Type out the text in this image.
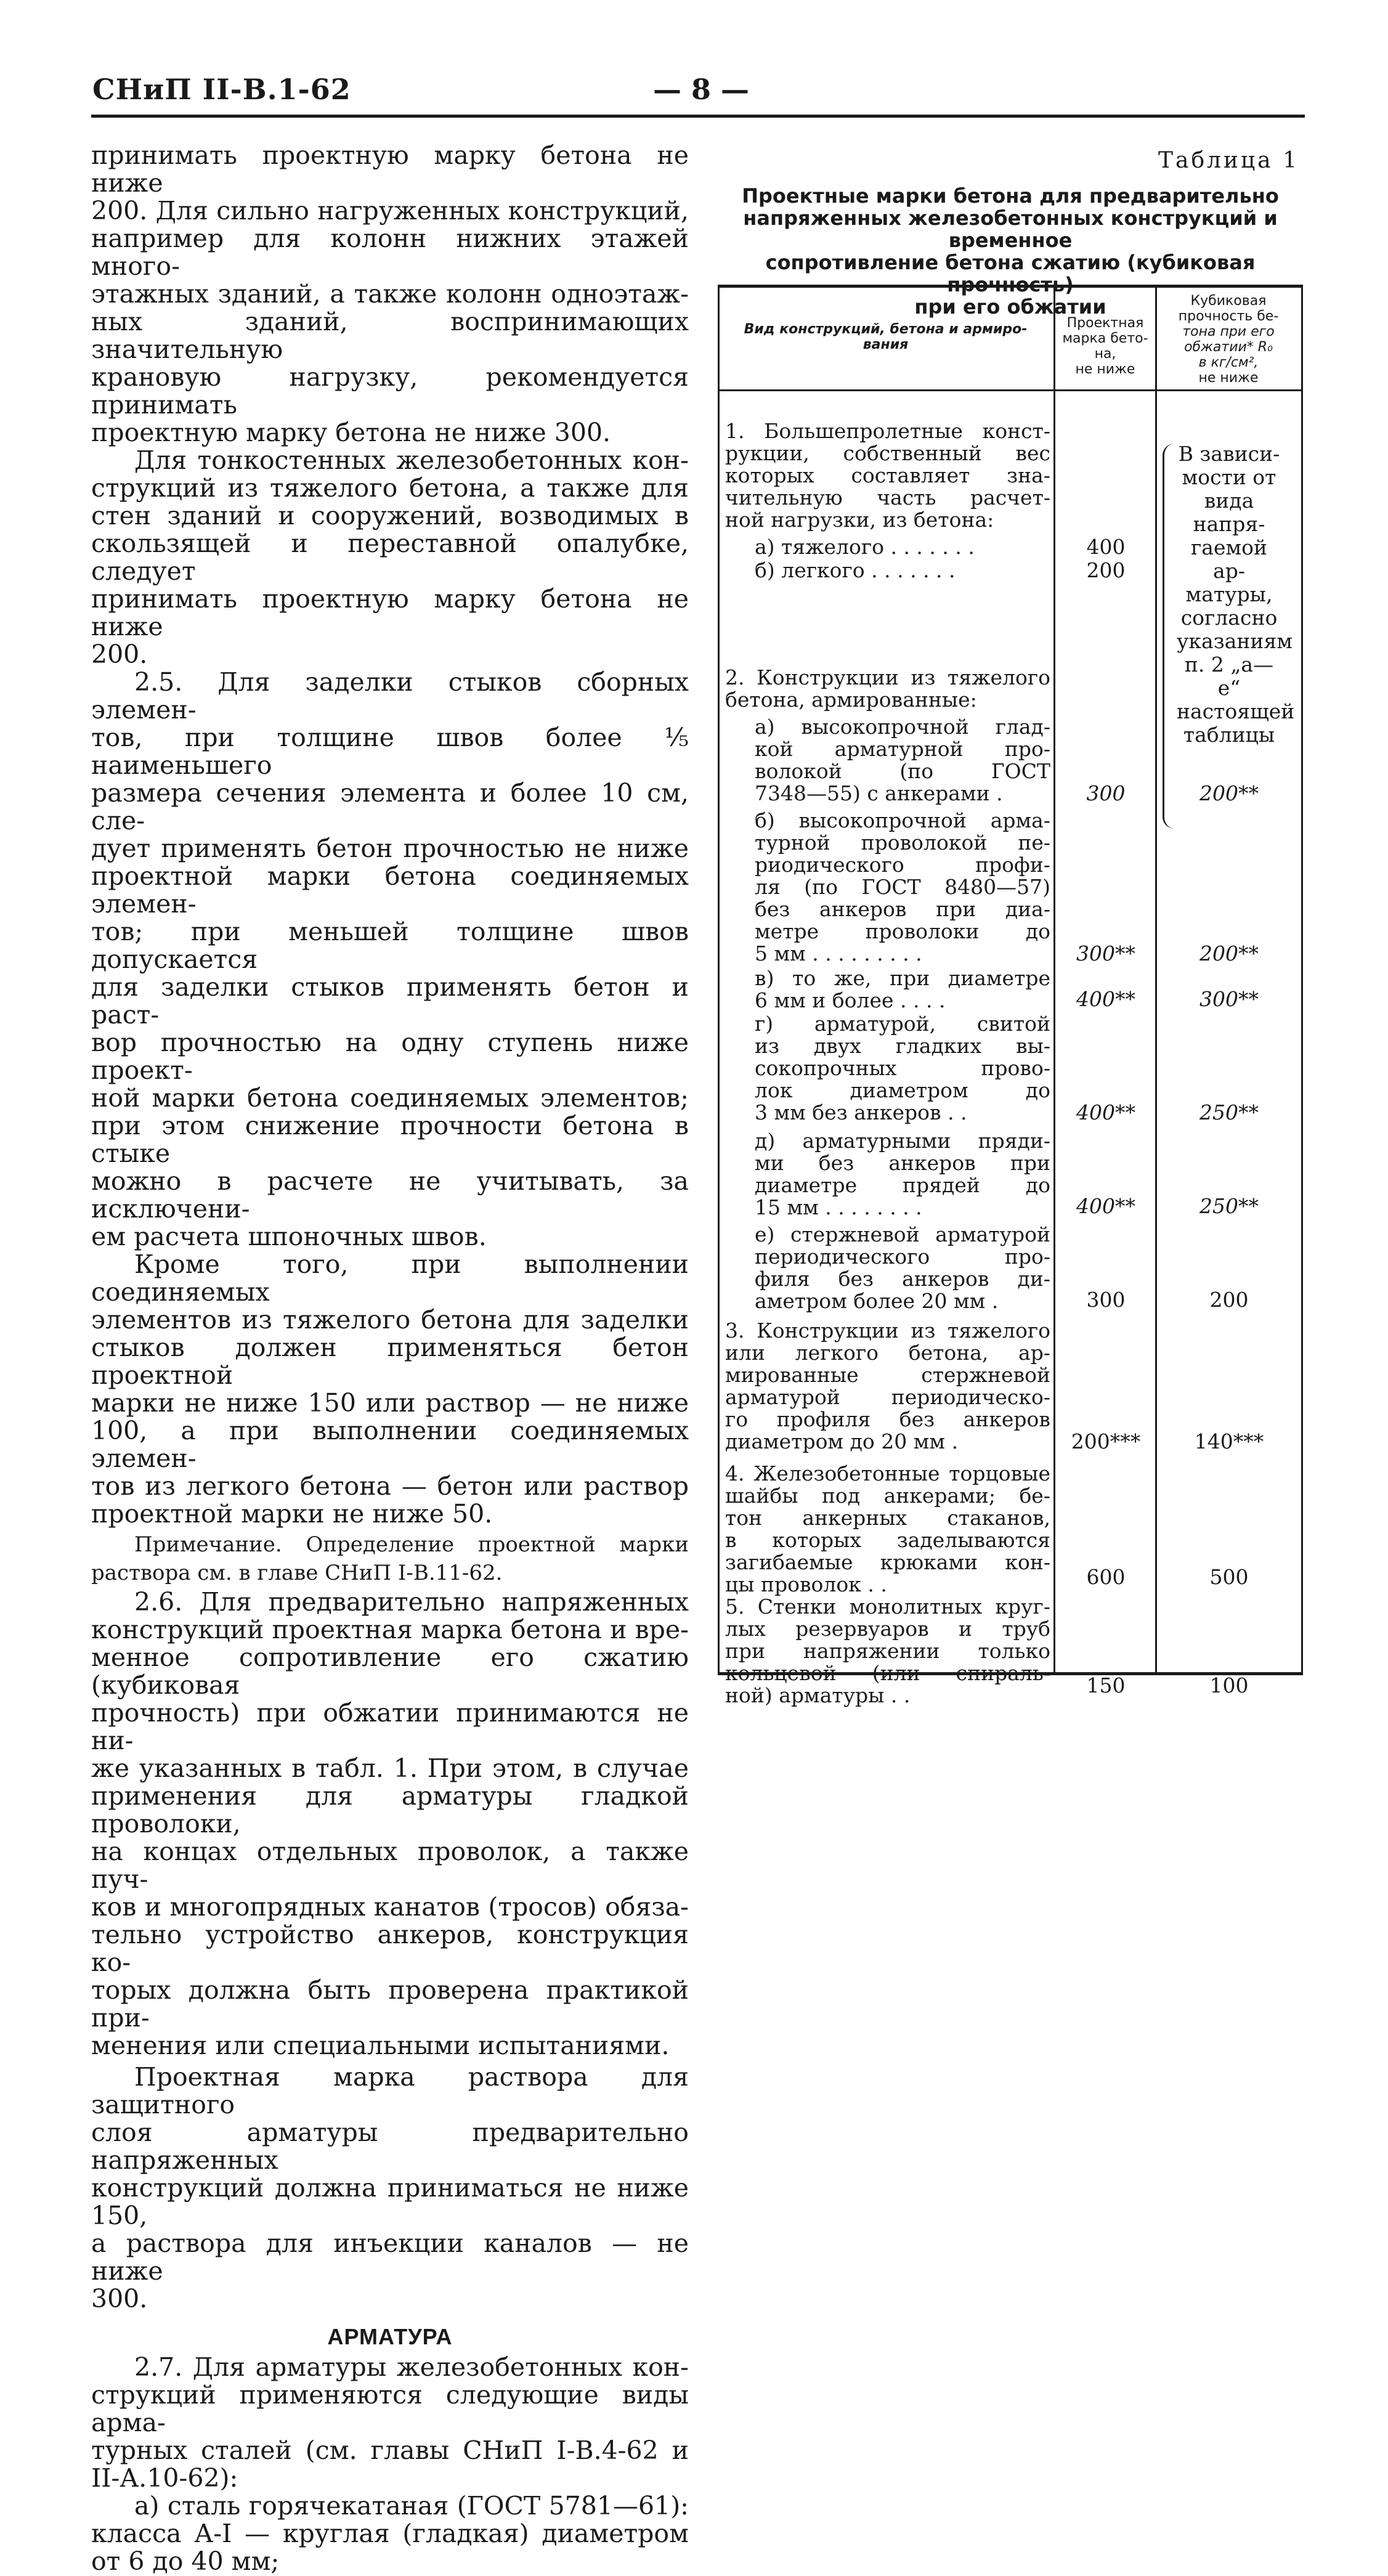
СНиП II-В.1-62	— 8 —

принимать проектную марку бетона не ниже

200. Для сильно нагруженных конструкций,

например для колонн нижних этажей много-

этажных зданий, а также колонн одноэтаж-

ных зданий, воспринимающих значительную

крановую нагрузку, рекомендуется принимать

проектную марку бетона не ниже 300.

Для тонкостенных железобетонных кон-

струкций из тяжелого бетона, а также для

стен зданий и сооружений, возводимых в

скользящей и переставной опалубке, следует

принимать проектную марку бетона не ниже

200.

2.5. Для заделки стыков сборных элемен-

тов, при толщине швов более ⅕ наименьшего

размера сечения элемента и более 10 см, сле-

дует применять бетон прочностью не ниже

проектной марки бетона соединяемых элемен-

тов; при меньшей толщине швов допускается

для заделки стыков применять бетон и раст-

вор прочностью на одну ступень ниже проект-

ной марки бетона соединяемых элементов;

при этом снижение прочности бетона в стыке

можно в расчете не учитывать, за исключени-

ем расчета шпоночных швов.

Кроме того, при выполнении соединяемых

элементов из тяжелого бетона для заделки

стыков должен применяться бетон проектной

марки не ниже 150 или раствор — не ниже

100, а при выполнении соединяемых элемен-

тов из легкого бетона — бетон или раствор

проектной марки не ниже 50.

Примечание. Определение проектной марки

раствора см. в главе СНиП I-В.11-62.

2.6. Для предварительно напряженных

конструкций проектная марка бетона и вре-

менное сопротивление его сжатию (кубиковая

прочность) при обжатии принимаются не ни-

же указанных в табл. 1. При этом, в случае

применения для арматуры гладкой проволоки,

на концах отдельных проволок, а также пуч-

ков и многопрядных канатов (тросов) обяза-

тельно устройство анкеров, конструкция ко-

торых должна быть проверена практикой при-

менения или специальными испытаниями.

Проектная марка раствора для защитного

слоя арматуры предварительно напряженных

конструкций должна приниматься не ниже 150,

а раствора для инъекции каналов — не ниже

300.

АРМАТУРА

2.7. Для арматуры железобетонных кон-

струкций применяются следующие виды арма-

турных сталей (см. главы СНиП I-В.4-62 и

II-А.10-62):

а) сталь горячекатаная (ГОСТ 5781—61):

класса А-I — круглая (гладкая) диаметром

от 6 до 40 мм;

Таблица 1
Проектные марки бетона для предварительно
напряженных железобетонных конструкций и временное
сопротивление бетона сжатию (кубиковая прочность)
при его обжатии
Вид конструкций, бетона и армиро-
вания
Проектная
марка бето-
на,
не ниже
Кубиковая
прочность бе-
тона при его
обжатии* R₀
в кг/см²,
не ниже
1. Большепролетные конст-
рукции, собственный вес
которых составляет зна-
чительную часть расчет-
ной нагрузки, из бетона:
а) тяжелого . . . . . . .	400
б) легкого . . . . . . .	200
В зависи-
мости от
вида напря-
гаемой ар-
матуры,
согласно
указаниям
п. 2 „а—е“
настоящей
таблицы
2. Конструкции из тяжелого
бетона, армированные:
а) высокопрочной глад-
кой арматурной про-
волокой (по ГОСТ
7348—55) с анкерами .	300	200**
б) высокопрочной арма-
турной проволокой пе-
риодического профи-
ля (по ГОСТ 8480—57)
без анкеров при диа-
метре проволоки до
5 мм . . . . . . . . .	300**	200**
в) то же, при диаметре
6 мм и более . . . .	400**	300**
г) арматурой, свитой
из двух гладких вы-
сокопрочных прово-
лок диаметром до
3 мм без анкеров . .	400**	250**
д) арматурными пряди-
ми без анкеров при
диаметре прядей до
15 мм . . . . . . . .	400**	250**
е) стержневой арматурой
периодического про-
филя без анкеров ди-
аметром более 20 мм .	300	200
3. Конструкции из тяжелого
или легкого бетона, ар-
мированные стержневой
арматурой периодическо-
го профиля без анкеров
диаметром до 20 мм .	200***	140***
4. Железобетонные торцовые
шайбы под анкерами; бе-
тон анкерных стаканов,
в которых заделываются
загибаемые крюками кон-
цы проволок . .	600	500
5. Стенки монолитных круг-
лых резервуаров и труб
при напряжении только
кольцевой (или спираль-
ной) арматуры . .	150	100
